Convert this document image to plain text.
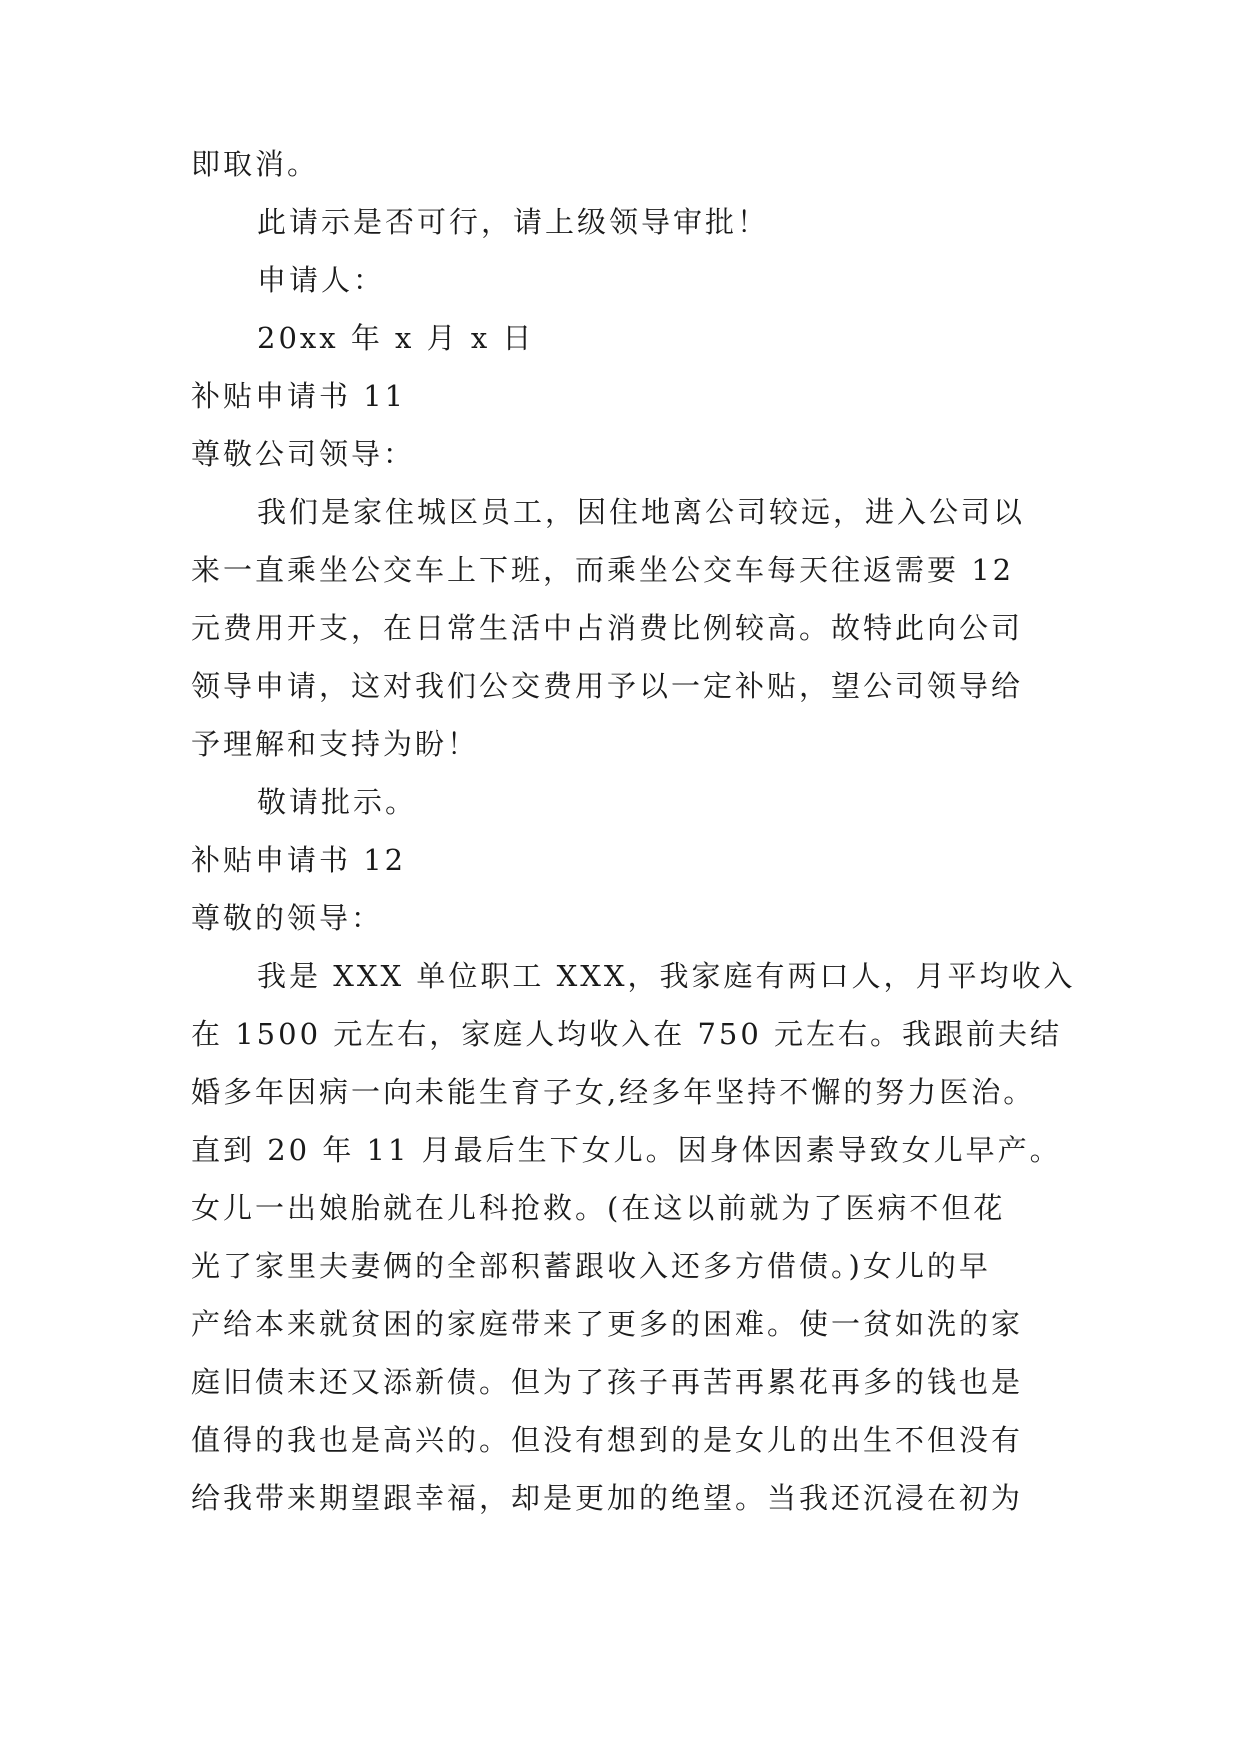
即取消。
此请示是否可行，请上级领导审批！
申请人：
20xx 年 x 月 x 日
补贴申请书 11
尊敬公司领导：
我们是家住城区员工，因住地离公司较远，进入公司以
来一直乘坐公交车上下班，而乘坐公交车每天往返需要 12
元费用开支，在日常生活中占消费比例较高。故特此向公司
领导申请，这对我们公交费用予以一定补贴，望公司领导给
予理解和支持为盼！
敬请批示。
补贴申请书 12
尊敬的领导：
我是 XXX 单位职工 XXX，我家庭有两口人，月平均收入
在 1500 元左右，家庭人均收入在 750 元左右。我跟前夫结
婚多年因病一向未能生育子女,经多年坚持不懈的努力医治。
直到 20 年 11 月最后生下女儿。因身体因素导致女儿早产。
女儿一出娘胎就在儿科抢救。(在这以前就为了医病不但花
光了家里夫妻俩的全部积蓄跟收入还多方借债。)女儿的早
产给本来就贫困的家庭带来了更多的困难。使一贫如洗的家
庭旧债末还又添新债。但为了孩子再苦再累花再多的钱也是
值得的我也是高兴的。但没有想到的是女儿的出生不但没有
给我带来期望跟幸福，却是更加的绝望。当我还沉浸在初为
